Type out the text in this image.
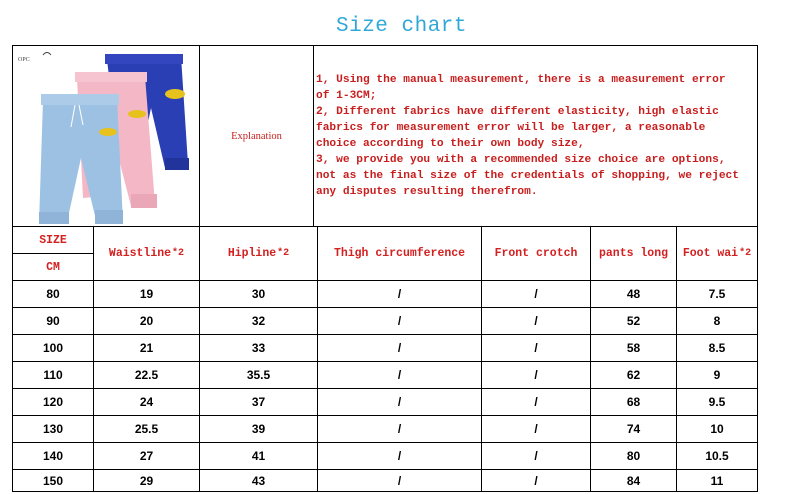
Size chart
OPC
Explanation
1, Using the manual measurement, there is a measurement error
of 1-3CM;
2, Different fabrics have different elasticity, high elastic
fabrics for measurement error will be larger, a reasonable
choice according to their own body size,
3, we provide you with a recommended size choice are options,
not as the final size of the credentials of shopping, we reject
any disputes resulting therefrom.
SIZE
CM
Waistline *2	Hipline *2	Thigh circumference	Front crotch	pants long	Foot wai *2
80	19	30	/	/	48	7.5
90	20	32	/	/	52	8
100	21	33	/	/	58	8.5
110	22.5	35.5	/	/	62	9
120	24	37	/	/	68	9.5
130	25.5	39	/	/	74	10
140	27	41	/	/	80	10.5
150	29	43	/	/	84	11
